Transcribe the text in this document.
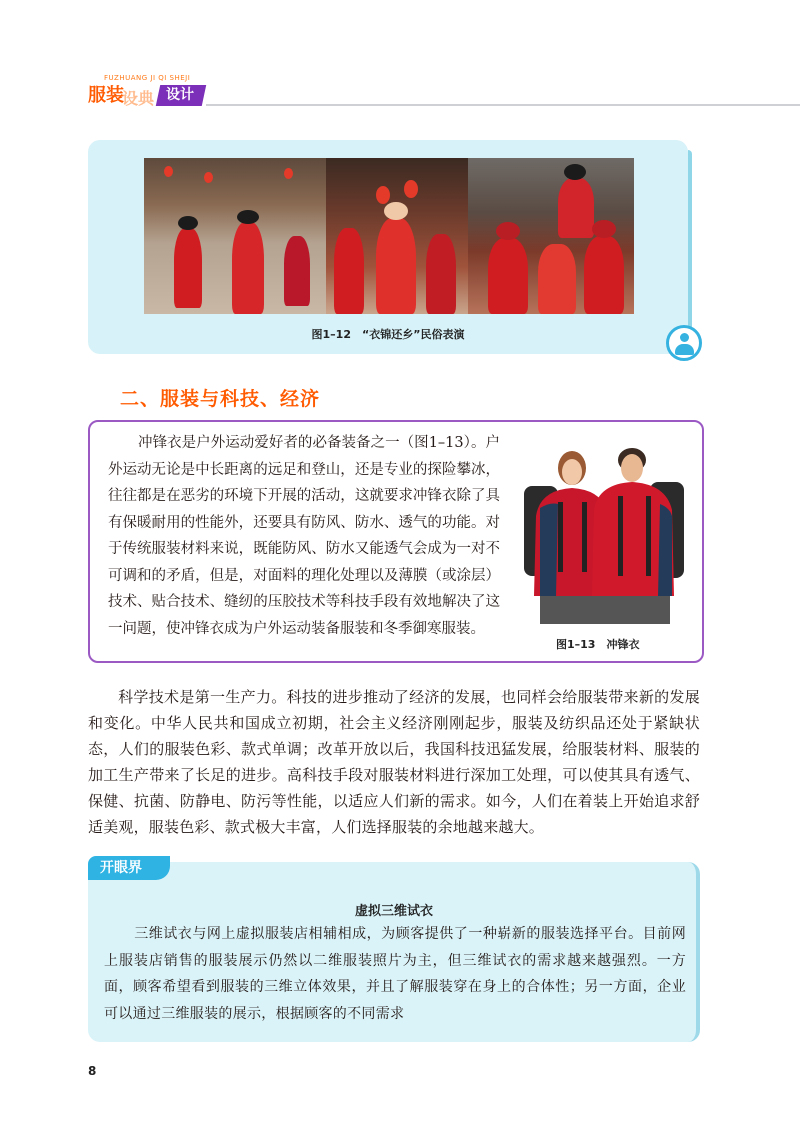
FUZHUANG JI QI SHEJI
服装
设典 设计
图1–12　“衣锦还乡”民俗表演
二、服装与科技、经济
冲锋衣是户外运动爱好者的必备装备之一（图1–13）。户外运动无论是中长距离的远足和登山，还是专业的探险攀冰，往往都是在恶劣的环境下开展的活动，这就要求冲锋衣除了具有保暖耐用的性能外，还要具有防风、防水、透气的功能。对于传统服装材料来说，既能防风、防水又能透气会成为一对不可调和的矛盾，但是，对面料的理化处理以及薄膜（或涂层）技术、贴合技术、缝纫的压胶技术等科技手段有效地解决了这一问题，使冲锋衣成为户外运动装备服装和冬季御寒服装。
图1–13　冲锋衣
科学技术是第一生产力。科技的进步推动了经济的发展，也同样会给服装带来新的发展和变化。中华人民共和国成立初期，社会主义经济刚刚起步，服装及纺织品还处于紧缺状态，人们的服装色彩、款式单调；改革开放以后，我国科技迅猛发展，给服装材料、服装的加工生产带来了长足的进步。高科技手段对服装材料进行深加工处理，可以使其具有透气、保健、抗菌、防静电、防污等性能，以适应人们新的需求。如今，人们在着装上开始追求舒适美观，服装色彩、款式极大丰富，人们选择服装的余地越来越大。
开眼界
虚拟三维试衣
三维试衣与网上虚拟服装店相辅相成，为顾客提供了一种崭新的服装选择平台。目前网上服装店销售的服装展示仍然以二维服装照片为主，但三维试衣的需求越来越强烈。一方面，顾客希望看到服装的三维立体效果，并且了解服装穿在身上的合体性；另一方面，企业可以通过三维服装的展示，根据顾客的不同需求
8
